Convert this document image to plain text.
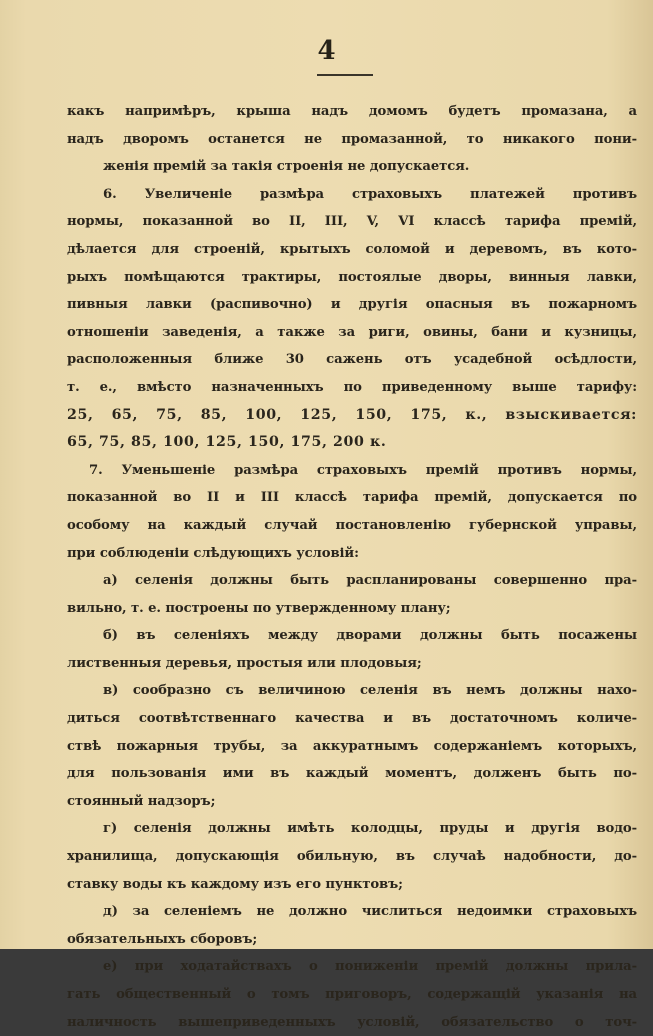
4
какъ напримѣръ, крыша надъ домомъ будетъ промазана, а
надъ дворомъ останется не промазанной, то никакого пони-
женія премій за такія строенія не допускается.
6. Увеличеніе размѣра страховыхъ платежей противъ
нормы, показанной во II, III, V, VI классѣ тарифа премій,
дѣлается для строеній, крытыхъ соломой и деревомъ, въ кото-
рыхъ помѣщаются трактиры, постоялые дворы, винныя лавки,
пивныя лавки (распивочно) и другія опасныя въ пожарномъ
отношеніи заведенія, а также за риги, овины, бани и кузницы,
расположенныя ближе 30 сажень отъ усадебной осѣдлости,
т. е., вмѣсто назначенныхъ по приведенному выше тарифу:
25, 65, 75, 85, 100, 125, 150, 175, к., взыскивается:
65, 75, 85, 100, 125, 150, 175, 200 к.
7. Уменьшеніе размѣра страховыхъ премій противъ нормы,
показанной во II и III классѣ тарифа премій, допускается по
особому на каждый случай постановленію губернской управы,
при соблюденіи слѣдующихъ условій:
а) селенія должны быть распланированы совершенно пра-
вильно, т. е. построены по утвержденному плану;
б) въ селеніяхъ между дворами должны быть посажены
лиственныя деревья, простыя или плодовыя;
в) сообразно съ величиною селенія въ немъ должны нахо-
диться соотвѣтственнаго качества и въ достаточномъ количе-
ствѣ пожарныя трубы, за аккуратнымъ содержаніемъ которыхъ,
для пользованія ими въ каждый моментъ, долженъ быть по-
стоянный надзоръ;
г) селенія должны имѣть колодцы, пруды и другія водо-
хранилища, допускающія обильную, въ случаѣ надобности, до-
ставку воды къ каждому изъ его пунктовъ;
д) за селеніемъ не должно числиться недоимки страховыхъ
обязательныхъ сборовъ;
е) при ходатайствахъ о пониженіи премій должны прила-
гать общественный о томъ приговоръ, содержащій указанія на
наличность вышеприведенныхъ условій, обязательство о точ-
